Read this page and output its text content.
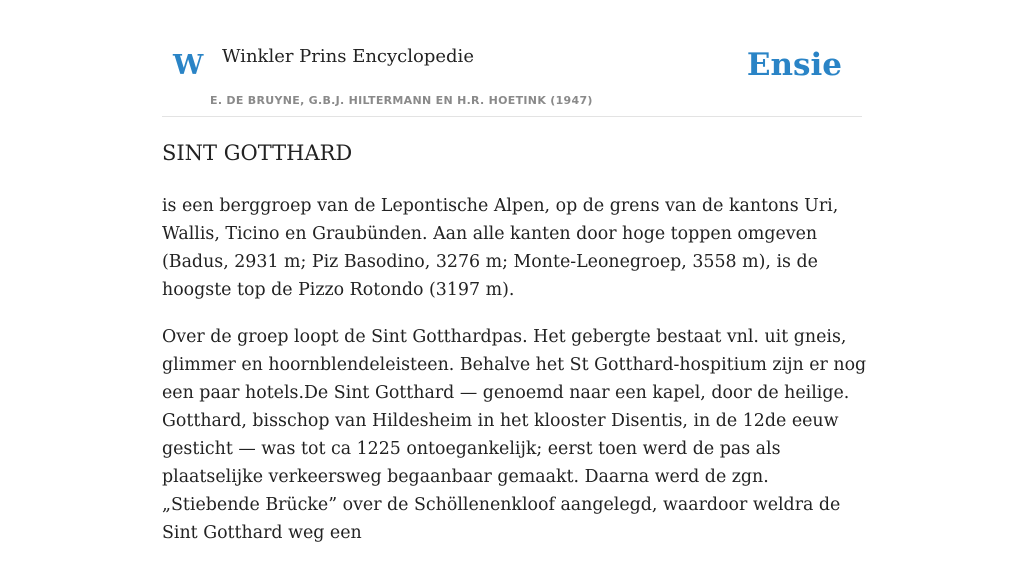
W Winkler Prins Encyclopedie
E. DE BRUYNE, G.B.J. HILTERMANN EN H.R. HOETINK (1947)
Ensie
SINT GOTTHARD

is een berggroep van de Lepontische Alpen, op de grens van de kantons Uri, Wallis, Ticino en Graubünden. Aan alle kanten door hoge toppen omgeven (Badus, 2931 m; Piz Basodino, 3276 m; Monte-Leonegroep, 3558 m), is de hoogste top de Pizzo Rotondo (3197 m).

Over de groep loopt de Sint Gotthardpas. Het gebergte bestaat vnl. uit gneis, glimmer en hoornblendeleisteen. Behalve het St Gotthard-hospitium zijn er nog een paar hotels.De Sint Gotthard — genoemd naar een kapel, door de heilige. Gotthard, bisschop van Hildesheim in het klooster Disentis, in de 12de eeuw gesticht — was tot ca 1225 ontoegankelijk; eerst toen werd de pas als plaatselijke verkeersweg begaanbaar gemaakt. Daarna werd de zgn. „Stiebende Brücke” over de Schöllenenkloof aangelegd, waardoor weldra de Sint Gotthard weg een
